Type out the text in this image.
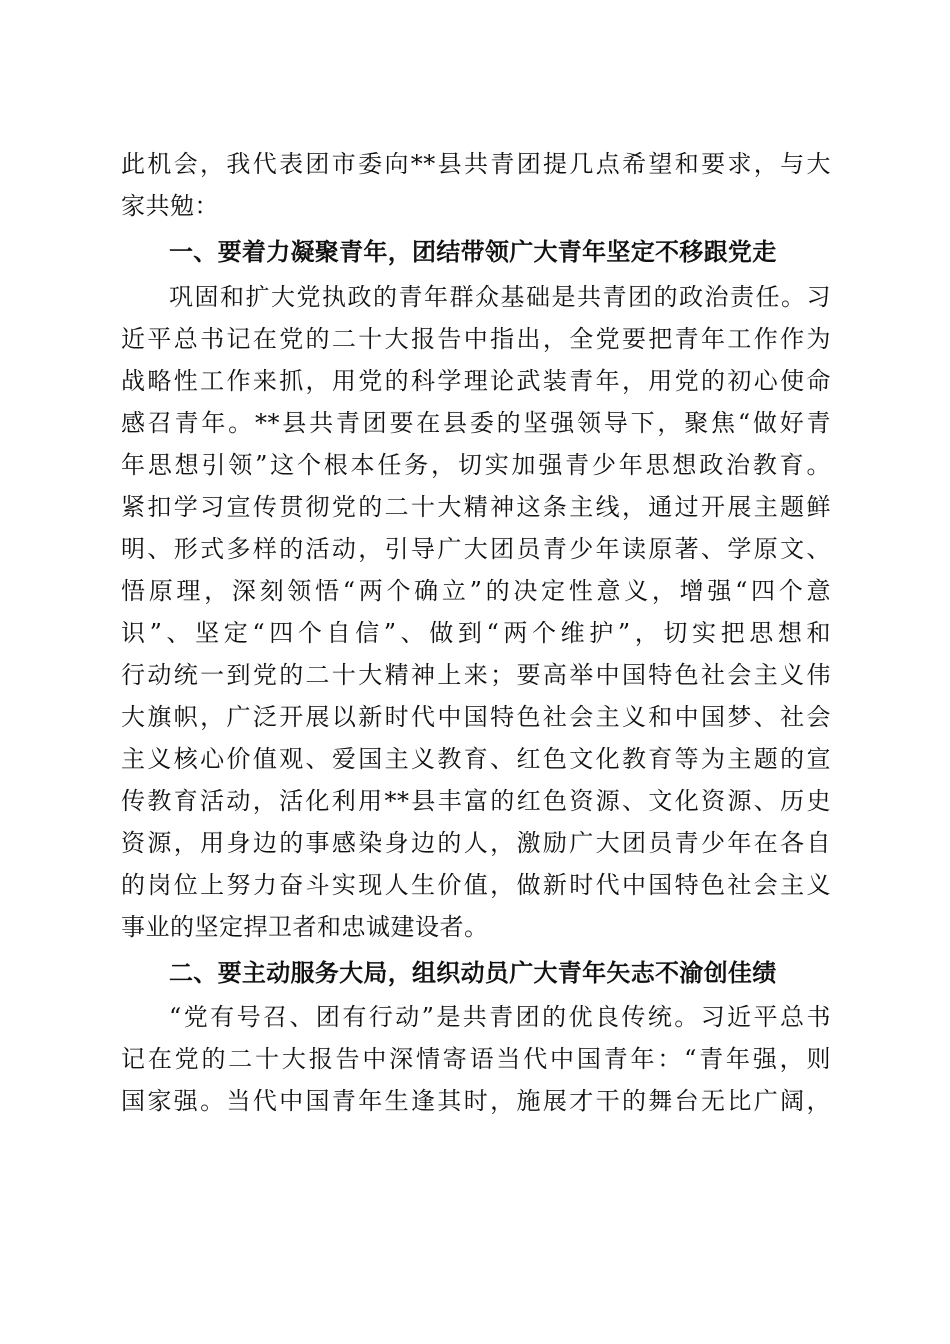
此机会，我代表团市委向**县共青团提几点希望和要求，与大
家共勉：
一、要着力凝聚青年，团结带领广大青年坚定不移跟党走
巩固和扩大党执政的青年群众基础是共青团的政治责任。习
近平总书记在党的二十大报告中指出，全党要把青年工作作为
战略性工作来抓，用党的科学理论武装青年，用党的初心使命
感召青年。**县共青团要在县委的坚强领导下，聚焦“做好青
年思想引领”这个根本任务，切实加强青少年思想政治教育。
紧扣学习宣传贯彻党的二十大精神这条主线，通过开展主题鲜
明、形式多样的活动，引导广大团员青少年读原著、学原文、
悟原理，深刻领悟“两个确立”的决定性意义，增强“四个意
识”、坚定“四个自信”、做到“两个维护”，切实把思想和
行动统一到党的二十大精神上来；要高举中国特色社会主义伟
大旗帜，广泛开展以新时代中国特色社会主义和中国梦、社会
主义核心价值观、爱国主义教育、红色文化教育等为主题的宣
传教育活动，活化利用**县丰富的红色资源、文化资源、历史
资源，用身边的事感染身边的人，激励广大团员青少年在各自
的岗位上努力奋斗实现人生价值，做新时代中国特色社会主义
事业的坚定捍卫者和忠诚建设者。
二、要主动服务大局，组织动员广大青年矢志不渝创佳绩
“党有号召、团有行动”是共青团的优良传统。习近平总书
记在党的二十大报告中深情寄语当代中国青年：“青年强，则
国家强。当代中国青年生逢其时，施展才干的舞台无比广阔，
